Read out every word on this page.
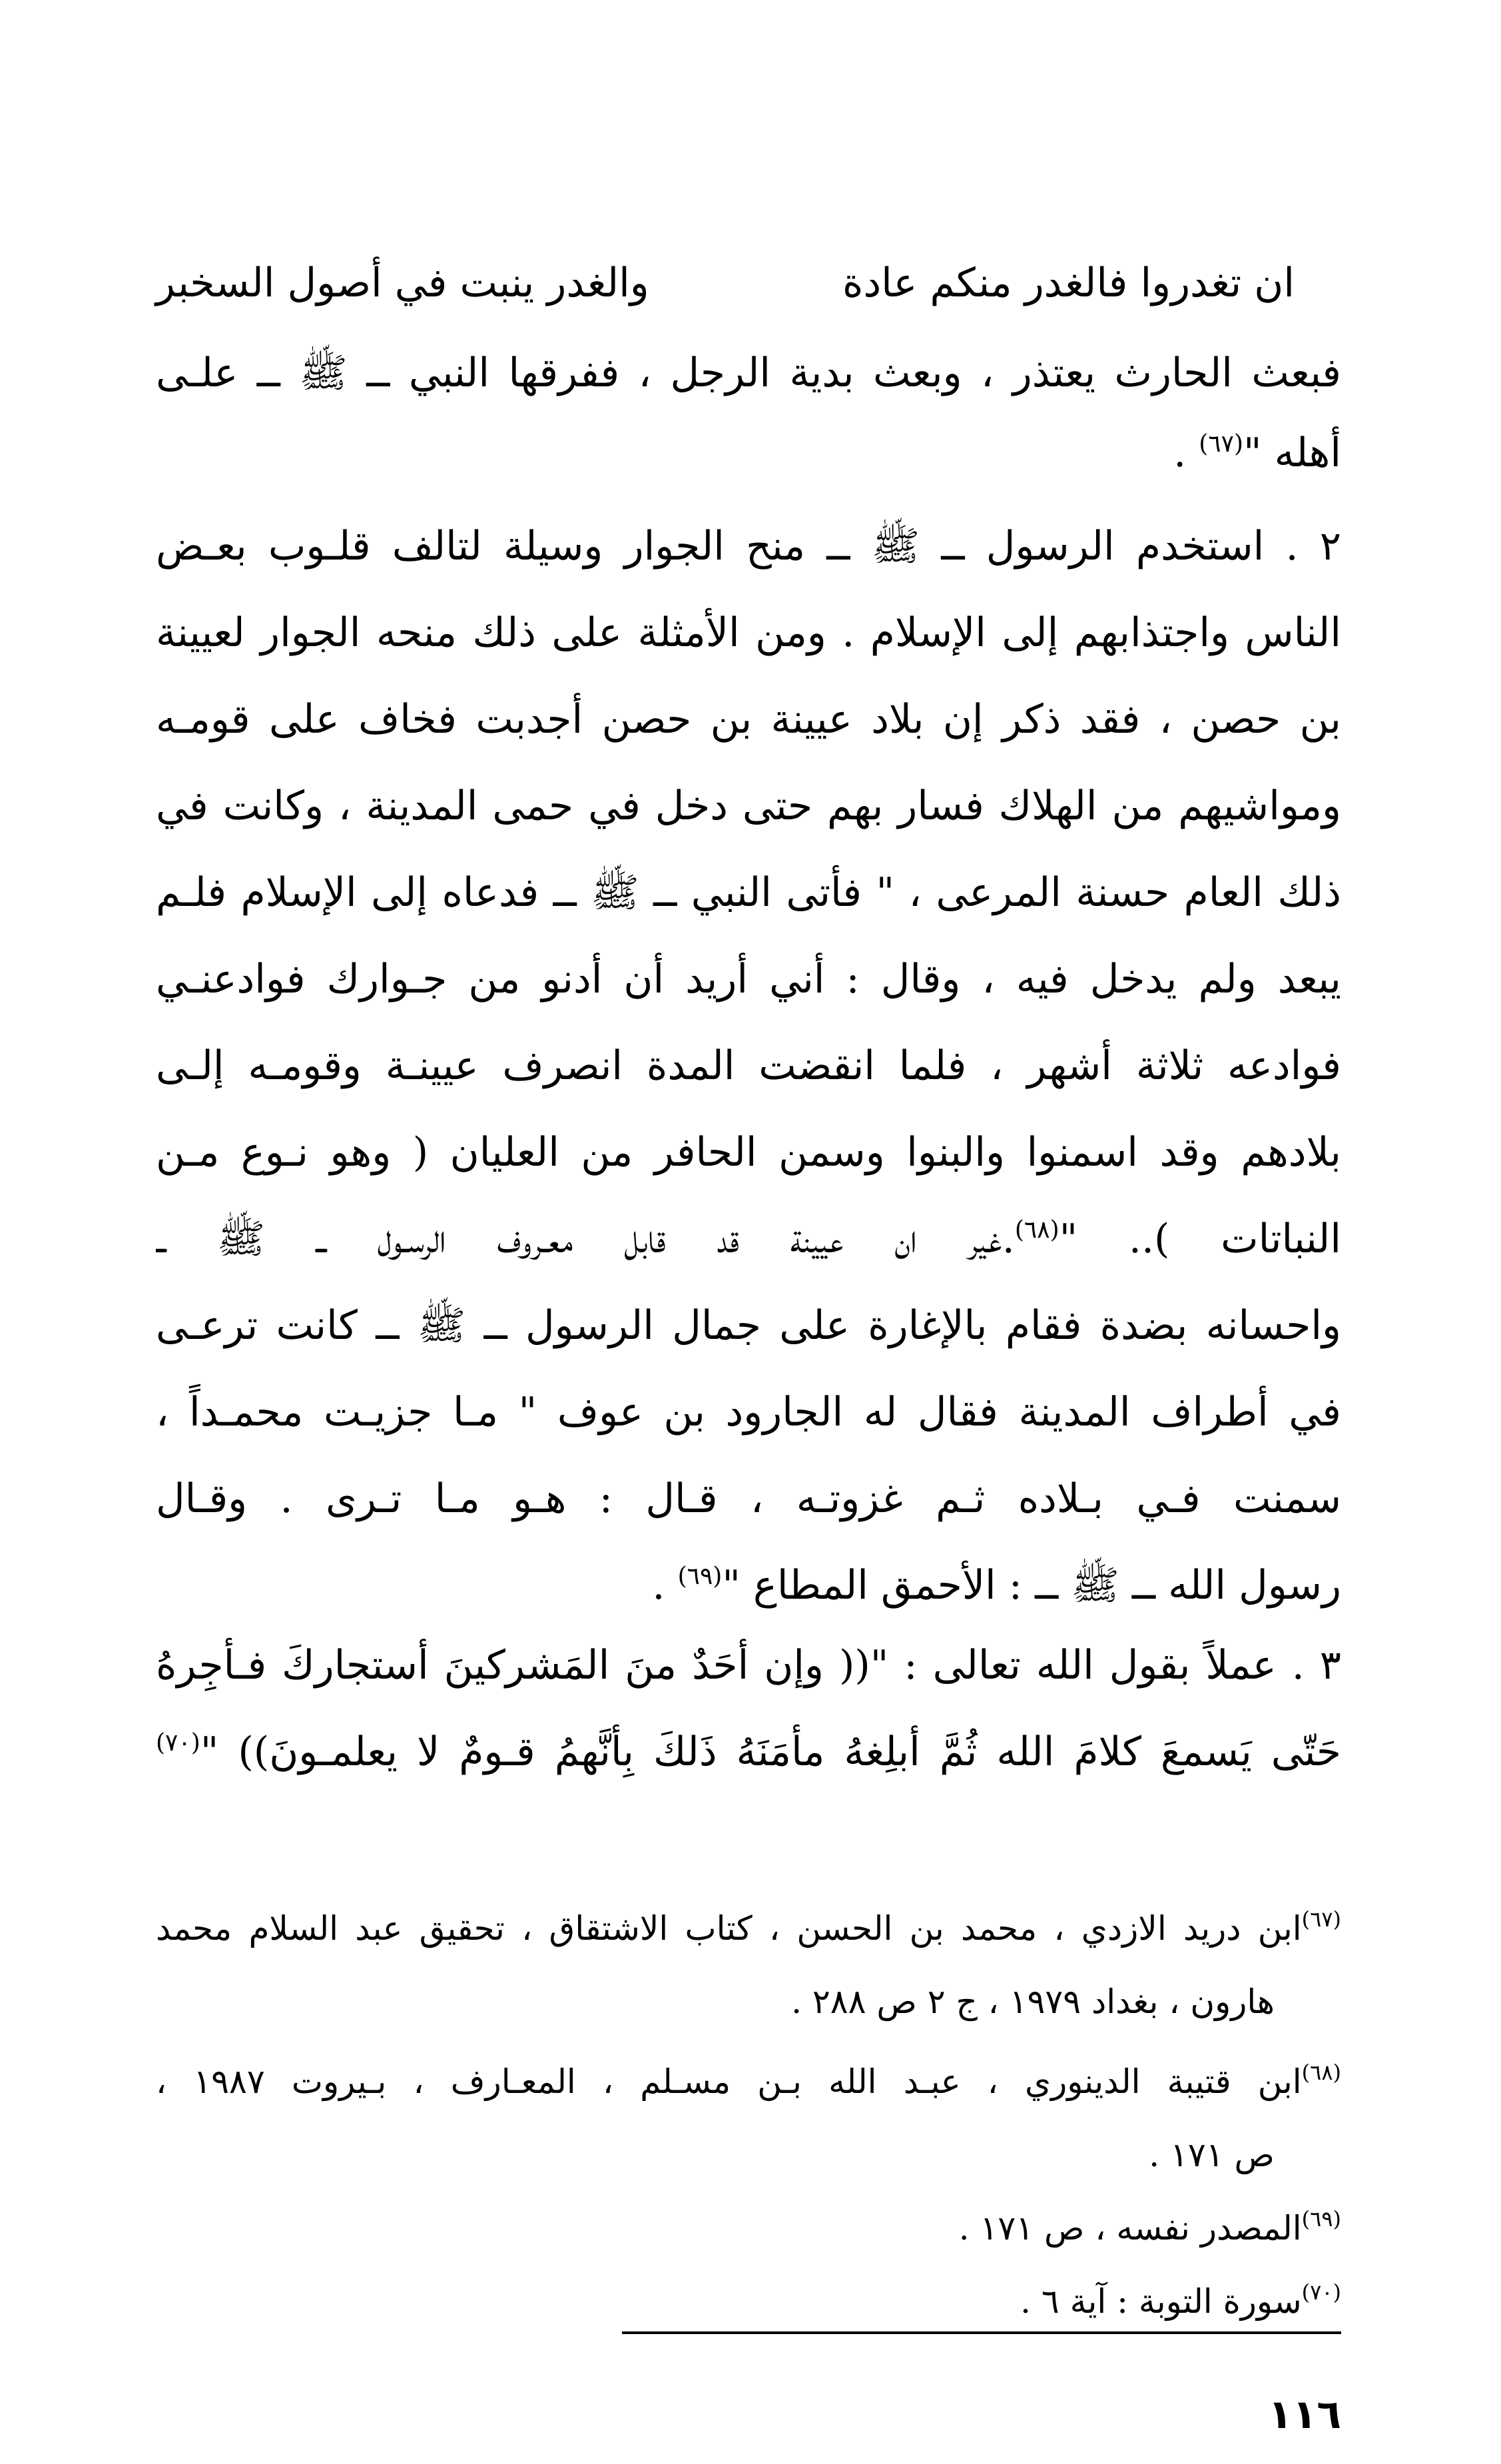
ان تغدروا فالغدر منكم عادة
والغدر ينبت في أصول السخبر
فبعث الحارث يعتذر ، وبعث بدية الرجل ، ففرقها النبي ــ ﷺ ــ علـى
أهله "$^{(٦٧)}$ .
٢ . استخدم الرسول ــ ﷺ ــ منح الجوار وسيلة لتالف قلـوب بعـض
الناس واجتذابهم إلى الإسلام . ومن الأمثلة على ذلك منحه الجوار لعيينة
بن حصن ، فقد ذكر إن بلاد عيينة بن حصن أجدبت فخاف على قومـه
ومواشيهم من الهلاك فسار بهم حتى دخل في حمى المدينة ، وكانت في
ذلك العام حسنة المرعى ، " فأتى النبي ــ ﷺ ــ فدعاه إلى الإسلام فلـم
يبعد ولم يدخل فيه ، وقال : أني أريد أن أدنو من جـوارك فوادعنـي
فوادعه ثلاثة أشهر ، فلما انقضت المدة انصرف عيينـة وقومـه إلـى
بلادهم وقد اسمنوا والبنوا وسمن الحافر من العليان ( وهو نـوع مـن
النباتات ).. "$^{(٦٨)}$.غير ان عيينة قد قابل معـروف الرسـول ــ ﷺ ــ
واحسانه بضدة فقام بالإغارة على جمال الرسول ــ ﷺ ــ كانت ترعـى
في أطراف المدينة فقال له الجارود بن عوف " مـا جزيـت محمـداً ،
سمنت فـي بـلاده ثـم غزوتـه ، قـال : هـو مـا تـرى . وقـال
رسول الله ــ ﷺ ــ : الأحمق المطاع "$^{(٦٩)}$ .
٣ . عملاً بقول الله تعالى : "(( وإن أحَدٌ منَ المَشركينَ أستجاركَ فـأجِرهُ
حَتّى يَسمعَ كلامَ الله ثُمَّ أبلِغهُ مأمَنَهُ ذَلكَ بِأنَّهمُ قـومٌ لا يعلمـونَ)) "$^{(٧٠)}$
$^{(٦٧)}$ابن دريد الازدي ، محمد بن الحسن ، كتاب الاشتقاق ، تحقيق عبد السلام محمد
هارون ، بغداد ١٩٧٩ ، ج ٢ ص ٢٨٨ .
$^{(٦٨)}$ابن قتيبة الدينوري ، عبـد الله بـن مسـلم ، المعـارف ، بـيروت ١٩٨٧ ،
ص ١٧١ .
$^{(٦٩)}$المصدر نفسه ، ص ١٧١ .
$^{(٧٠)}$سورة التوبة : آية ٦ .
١١٦
